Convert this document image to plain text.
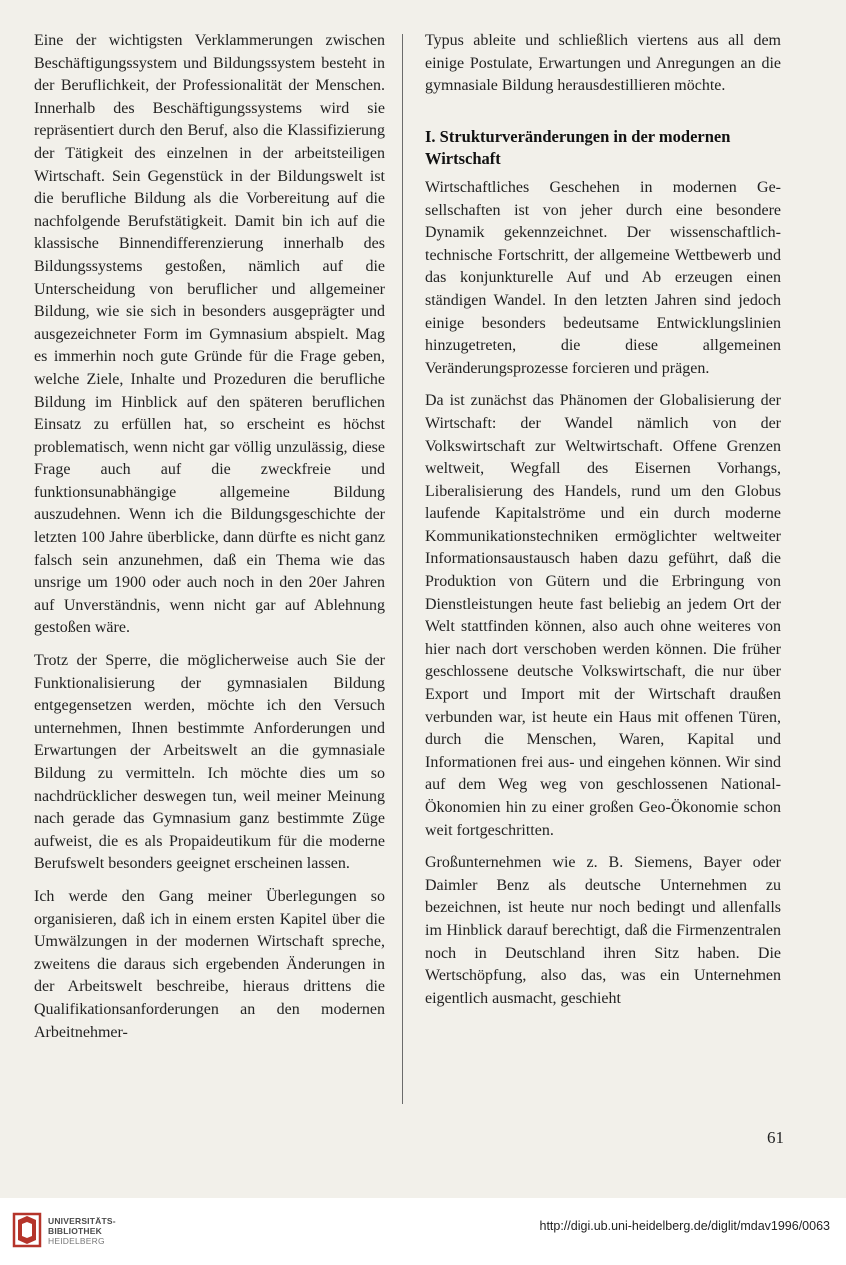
Eine der wichtigsten Verklammerungen zwischen Beschäftigungssystem und Bildungssystem besteht in der Beruflichkeit, der Professionalität der Menschen. Innerhalb des Beschäftigungssystems wird sie repräsentiert durch den Beruf, also die Klassifizierung der Tätigkeit des einzelnen in der arbeitsteiligen Wirtschaft. Sein Gegenstück in der Bildungswelt ist die berufliche Bildung als die Vorbereitung auf die nachfolgende Berufstätigkeit. Damit bin ich auf die klassische Binnendifferenzierung innerhalb des Bildungssystems gestoßen, nämlich auf die Unterscheidung von beruflicher und allgemeiner Bildung, wie sie sich in besonders ausgeprägter und ausgezeichneter Form im Gymnasium abspielt. Mag es immerhin noch gute Gründe für die Frage geben, welche Ziele, Inhalte und Prozeduren die berufliche Bildung im Hinblick auf den späteren beruflichen Einsatz zu erfüllen hat, so erscheint es höchst problematisch, wenn nicht gar völlig unzulässig, diese Frage auch auf die zweckfreie und funktionsunabhängige allgemeine Bildung auszudehnen. Wenn ich die Bildungsgeschichte der letzten 100 Jahre überblicke, dann dürfte es nicht ganz falsch sein anzunehmen, daß ein Thema wie das unsrige um 1900 oder auch noch in den 20er Jahren auf Unverständnis, wenn nicht gar auf Ablehnung gestoßen wäre.

Trotz der Sperre, die möglicherweise auch Sie der Funktionalisierung der gymnasialen Bildung entgegensetzen werden, möchte ich den Versuch unternehmen, Ihnen bestimmte Anforderungen und Erwartungen der Arbeitswelt an die gymnasiale Bildung zu vermitteln. Ich möchte dies um so nachdrücklicher deswegen tun, weil meiner Meinung nach gerade das Gymnasium ganz bestimmte Züge aufweist, die es als Propaideutikum für die moderne Berufswelt besonders geeignet erscheinen lassen.

Ich werde den Gang meiner Überlegungen so organisieren, daß ich in einem ersten Kapitel über die Umwälzungen in der modernen Wirtschaft spreche, zweitens die daraus sich ergebenden Änderungen in der Arbeitswelt beschreibe, hieraus drittens die Qualifikationsanforderungen an den modernen Arbeitnehmer-

Typus ableite und schließlich viertens aus all dem einige Postulate, Erwartungen und Anregungen an die gymnasiale Bildung herausdestillieren möchte.

I. Strukturveränderungen in der modernen Wirtschaft

Wirtschaftliches Geschehen in modernen Gesellschaften ist von jeher durch eine besondere Dynamik gekennzeichnet. Der wissenschaftlich-technische Fortschritt, der allgemeine Wettbewerb und das konjunkturelle Auf und Ab erzeugen einen ständigen Wandel. In den letzten Jahren sind jedoch einige besonders bedeutsame Entwicklungslinien hinzugetreten, die diese allgemeinen Veränderungsprozesse forcieren und prägen.

Da ist zunächst das Phänomen der Globalisierung der Wirtschaft: der Wandel nämlich von der Volkswirtschaft zur Weltwirtschaft. Offene Grenzen weltweit, Wegfall des Eisernen Vorhangs, Liberalisierung des Handels, rund um den Globus laufende Kapitalströme und ein durch moderne Kommunikationstechniken ermöglichter weltweiter Informationsaustausch haben dazu geführt, daß die Produktion von Gütern und die Erbringung von Dienstleistungen heute fast beliebig an jedem Ort der Welt stattfinden können, also auch ohne weiteres von hier nach dort verschoben werden können. Die früher geschlossene deutsche Volkswirtschaft, die nur über Export und Import mit der Wirtschaft draußen verbunden war, ist heute ein Haus mit offenen Türen, durch die Menschen, Waren, Kapital und Informationen frei aus- und eingehen können. Wir sind auf dem Weg weg von geschlossenen National-Ökonomien hin zu einer großen Geo-Ökonomie schon weit fortgeschritten.

Großunternehmen wie z. B. Siemens, Bayer oder Daimler Benz als deutsche Unternehmen zu bezeichnen, ist heute nur noch bedingt und allenfalls im Hinblick darauf berechtigt, daß die Firmenzentralen noch in Deutschland ihren Sitz haben. Die Wertschöpfung, also das, was ein Unternehmen eigentlich ausmacht, geschieht

61
UNIVERSITÄTS-
BIBLIOTHEK
HEIDELBERG
http://digi.ub.uni-heidelberg.de/diglit/mdav1996/0063
